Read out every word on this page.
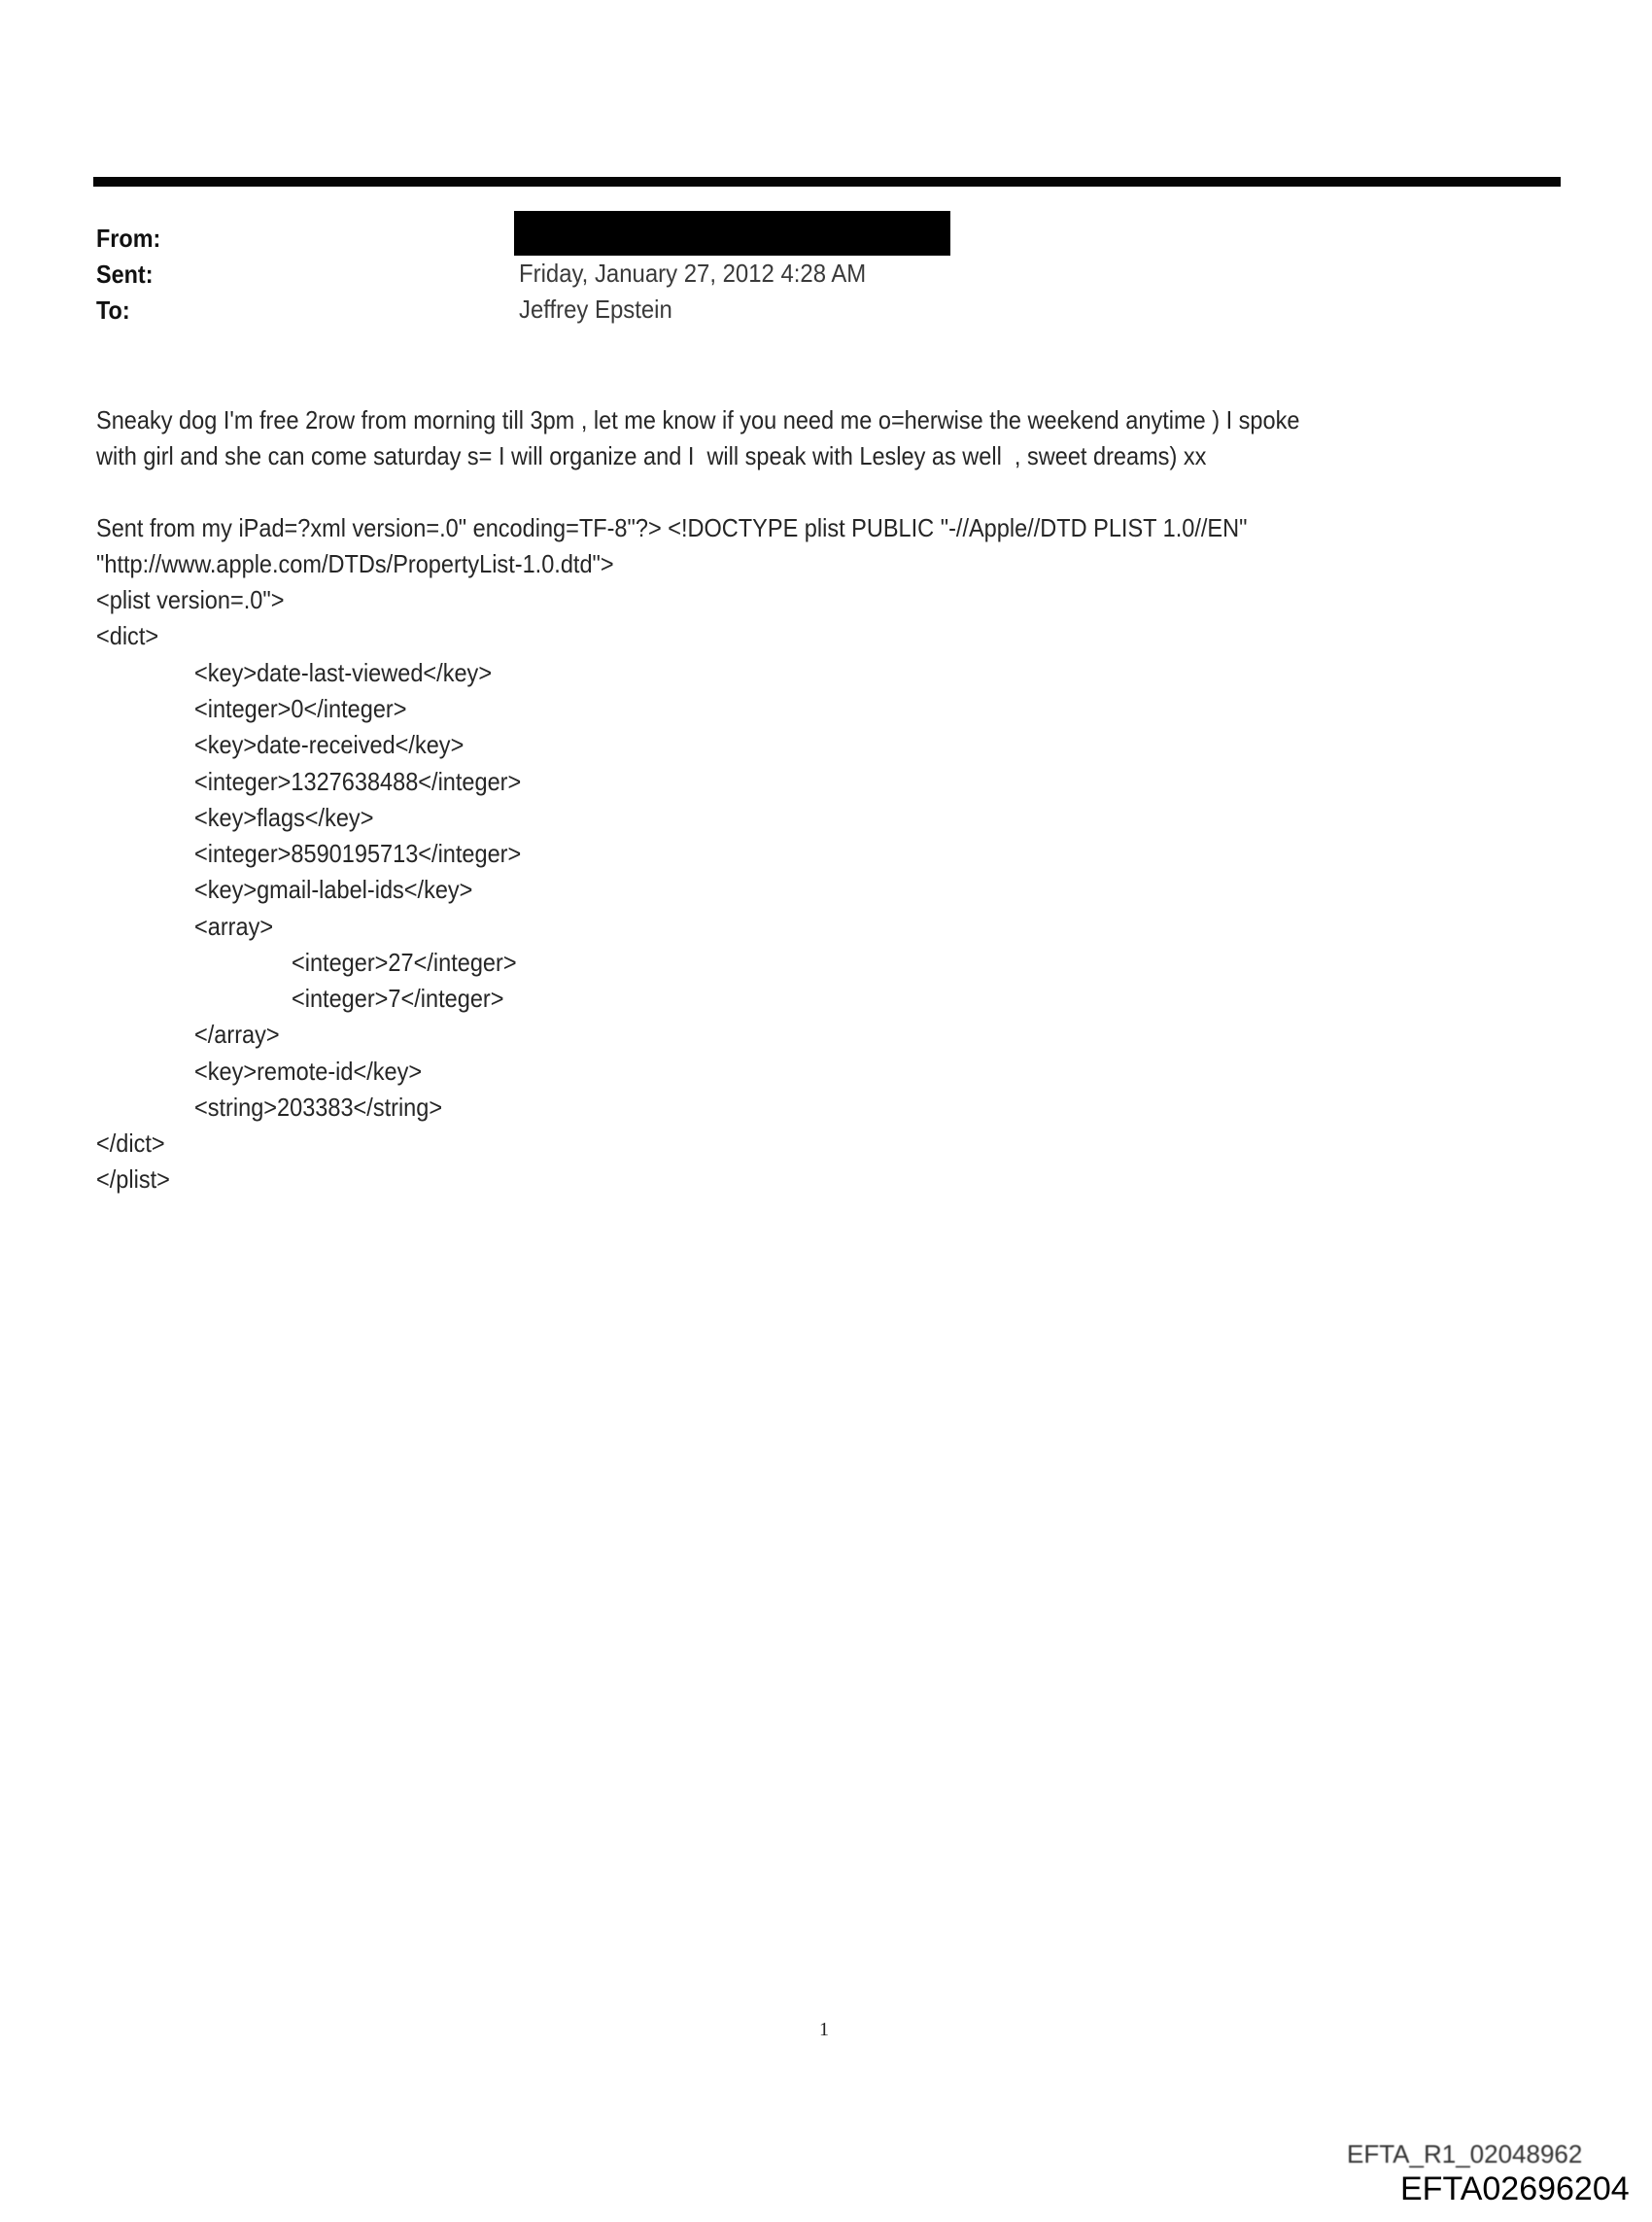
From:
Sent:	Friday, January 27, 2012 4:28 AM
To:	Jeffrey Epstein
Sneaky dog I'm free 2row from morning till 3pm , let me know if you need me o=herwise the weekend anytime ) I spoke
with girl and she can come saturday s= I will organize and I  will speak with Lesley as well  , sweet dreams) xx
Sent from my iPad=?xml version=.0" encoding=TF-8"?> <!DOCTYPE plist PUBLIC "-//Apple//DTD PLIST 1.0//EN"
"http://www.apple.com/DTDs/PropertyList-1.0.dtd">
<plist version=.0">
<dict>
<key>date-last-viewed</key>
<integer>0</integer>
<key>date-received</key>
<integer>1327638488</integer>
<key>flags</key>
<integer>8590195713</integer>
<key>gmail-label-ids</key>
<array>
<integer>27</integer>
<integer>7</integer>
</array>
<key>remote-id</key>
<string>203383</string>
</dict>
</plist>
1
EFTA_R1_02048962
EFTA02696204
